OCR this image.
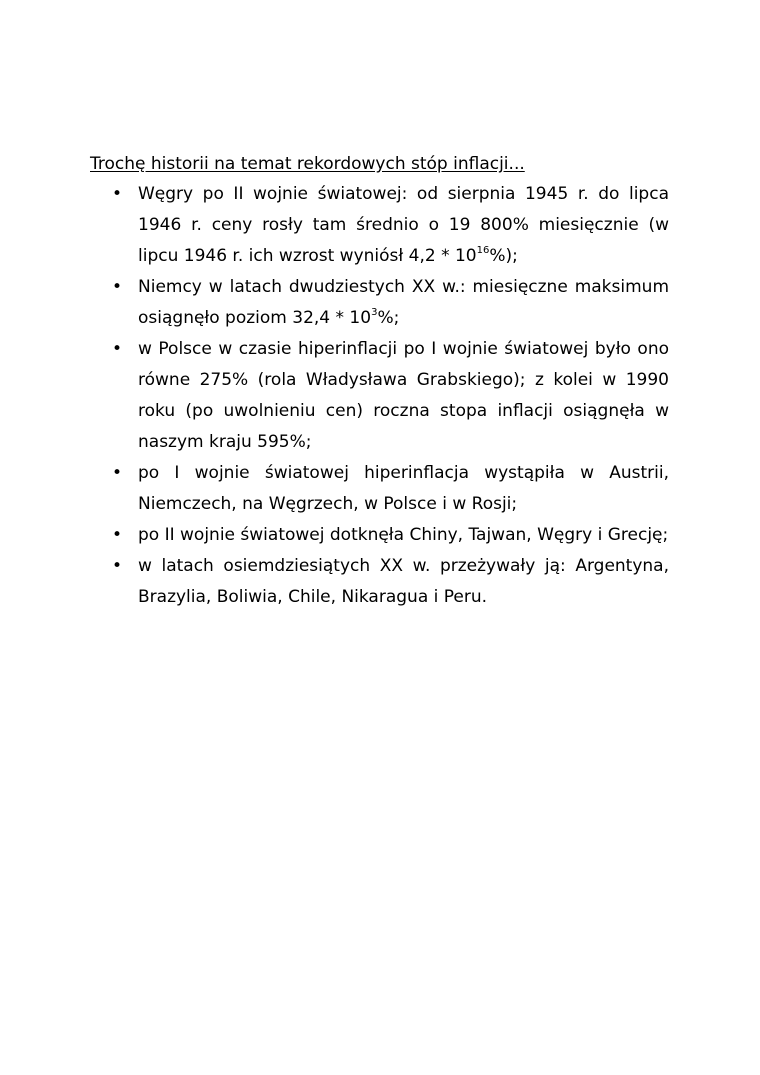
Trochę historii na temat rekordowych stóp inflacji...
• Węgry po II wojnie światowej: od sierpnia 1945 r. do lipca 1946 r. ceny rosły tam średnio o 19 800% miesięcznie (w lipcu 1946 r. ich wzrost wyniósł $4,2 * 10^{16}\%$);
• Niemcy w latach dwudziestych XX w.: miesięczne maksimum osiągnęło poziom $32,4 * 10^3\%$;
• w Polsce w czasie hiperinflacji po I wojnie światowej było ono równe 275% (rola Władysława Grabskiego); z kolei w 1990 roku (po uwolnieniu cen) roczna stopa inflacji osiągnęła w naszym kraju 595%;
• po I wojnie światowej hiperinflacja wystąpiła w Austrii, Niemczech, na Węgrzech, w Polsce i w Rosji;
• po II wojnie światowej dotknęła Chiny, Tajwan, Węgry i Grecję;
• w latach osiemdziesiątych XX w. przeżywały ją: Argentyna, Brazylia, Boliwia, Chile, Nikaragua i Peru.
